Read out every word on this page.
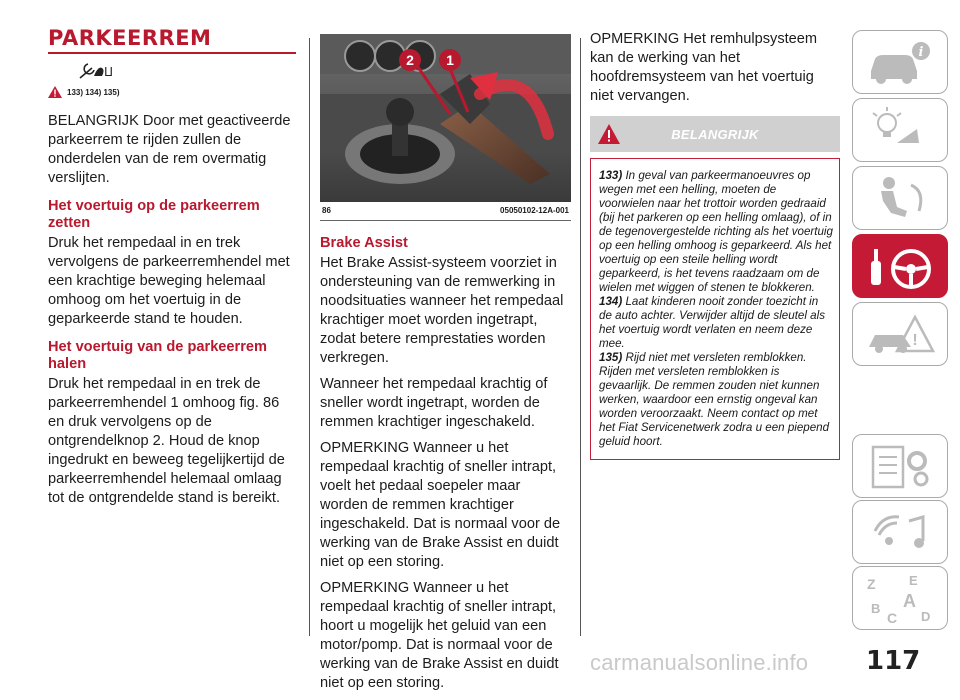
PARKEERREM
ⵡ
133) 134) 135)

BELANGRIJK Door met geactiveerde parkeerrem te rijden zullen de onderdelen van de rem overmatig verslijten.

Het voertuig op de parkeerrem zetten

Druk het rempedaal in en trek vervolgens de parkeerremhendel met een krachtige beweging helemaal omhoog om het voertuig in de geparkeerde stand te houden.

Het voertuig van de parkeerrem halen

Druk het rempedaal in en trek de parkeerremhendel 1 omhoog fig. 86 en druk vervolgens op de ontgrendelknop 2. Houd de knop ingedrukt en beweeg tegelijkertijd de parkeerremhendel helemaal omlaag tot de ontgrendelde stand is bereikt.

2 1
86	05050102-12A-001
Brake Assist

Het Brake Assist-systeem voorziet in ondersteuning van de remwerking in noodsituaties wanneer het rempedaal krachtiger moet worden ingetrapt, zodat betere remprestaties worden verkregen.

Wanneer het rempedaal krachtig of sneller wordt ingetrapt, worden de remmen krachtiger ingeschakeld.

OPMERKING Wanneer u het rempedaal krachtig of sneller intrapt, voelt het pedaal soepeler maar worden de remmen krachtiger ingeschakeld. Dat is normaal voor de werking van de Brake Assist en duidt niet op een storing.

OPMERKING Wanneer u het rempedaal krachtig of sneller intrapt, hoort u mogelijk het geluid van een motor/pomp. Dat is normaal voor de werking van de Brake Assist en duidt niet op een storing.

OPMERKING Het remhulpsysteem kan de werking van het hoofdremsysteem van het voertuig niet vervangen.

BELANGRIJK

133) In geval van parkeermanoeuvres op wegen met een helling, moeten de voorwielen naar het trottoir worden gedraaid (bij het parkeren op een helling omlaag), of in de tegenovergestelde richting als het voertuig op een helling omhoog is geparkeerd. Als het voertuig op een steile helling wordt geparkeerd, is het tevens raadzaam om de wielen met wiggen of stenen te blokkeren.

134) Laat kinderen nooit zonder toezicht in de auto achter. Verwijder altijd de sleutel als het voertuig wordt verlaten en neem deze mee.

135) Rijd niet met versleten remblokken. Rijden met versleten remblokken is gevaarlijk. De remmen zouden niet kunnen werken, waardoor een ernstig ongeval kan worden veroorzaakt. Neem contact op met het Fiat Servicenetwerk zodra u een piepend geluid hoort.

i
!
Z	E
B A
C D
117
carmanualsonline.info
